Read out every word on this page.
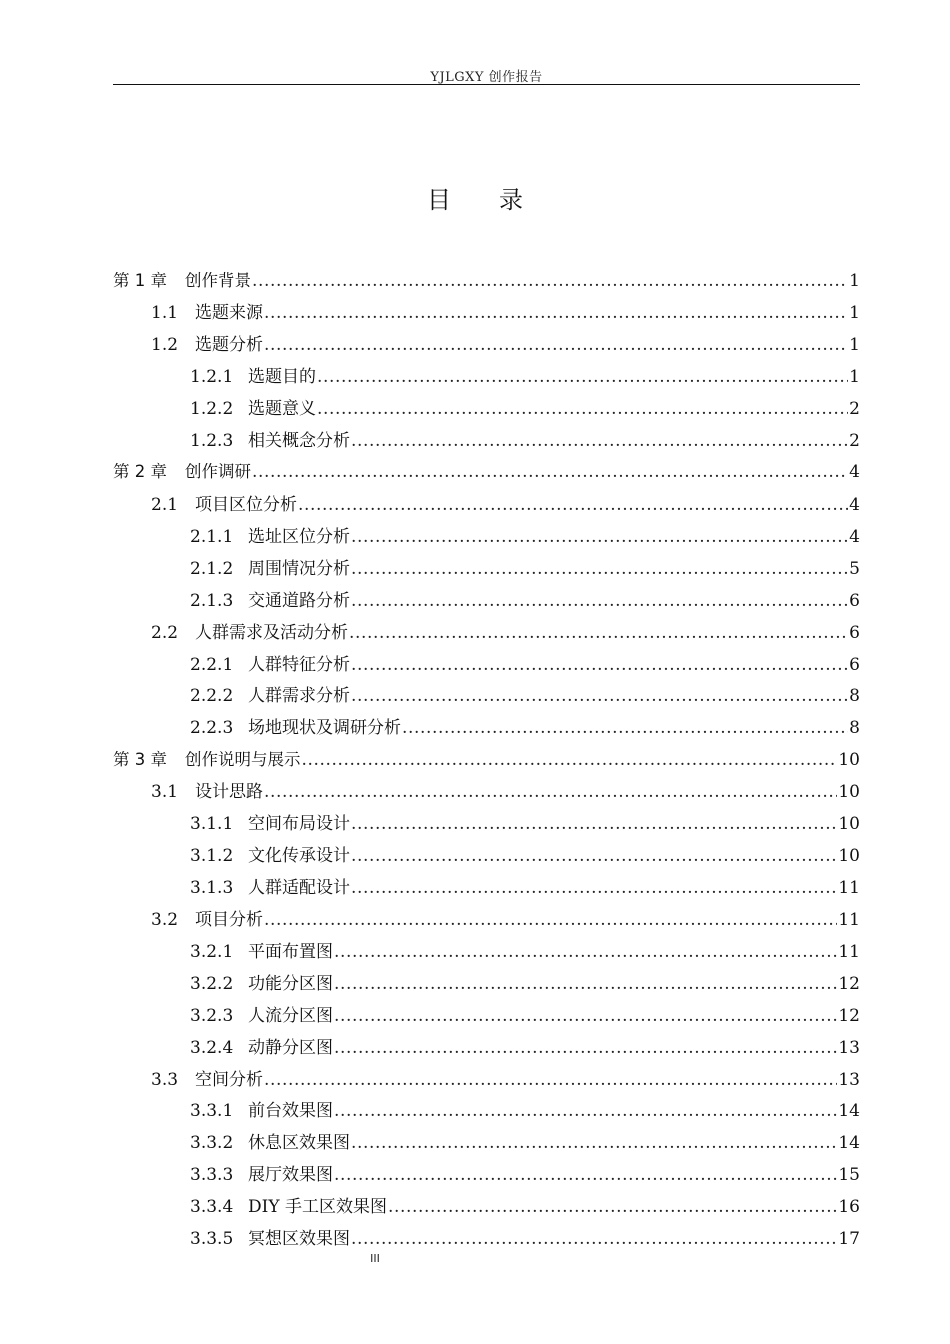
YJLGXY 创作报告
目 录
第 1 章 创作背景 .....	1
1.1 选题来源 .....	1
1.2 选题分析 .....	1
1.2.1 选题目的 .....	1
1.2.2 选题意义 .....	2
1.2.3 相关概念分析 .....	2
第 2 章 创作调研 .....	4
2.1 项目区位分析 .....	4
2.1.1 选址区位分析 .....	4
2.1.2 周围情况分析 .....	5
2.1.3 交通道路分析 .....	6
2.2 人群需求及活动分析 .....	6
2.2.1 人群特征分析 .....	6
2.2.2 人群需求分析 .....	8
2.2.3 场地现状及调研分析 .....	8
第 3 章 创作说明与展示 .....	10
3.1 设计思路 .....	10
3.1.1 空间布局设计 .....	10
3.1.2 文化传承设计 .....	10
3.1.3 人群适配设计 .....	11
3.2 项目分析 .....	11
3.2.1 平面布置图 .....	11
3.2.2 功能分区图 .....	12
3.2.3 人流分区图 .....	12
3.2.4 动静分区图 .....	13
3.3 空间分析 .....	13
3.3.1 前台效果图 .....	14
3.3.2 休息区效果图 .....	14
3.3.3 展厅效果图 .....	15
3.3.4 DIY 手工区效果图 .....	16
3.3.5 冥想区效果图 .....	17
III
